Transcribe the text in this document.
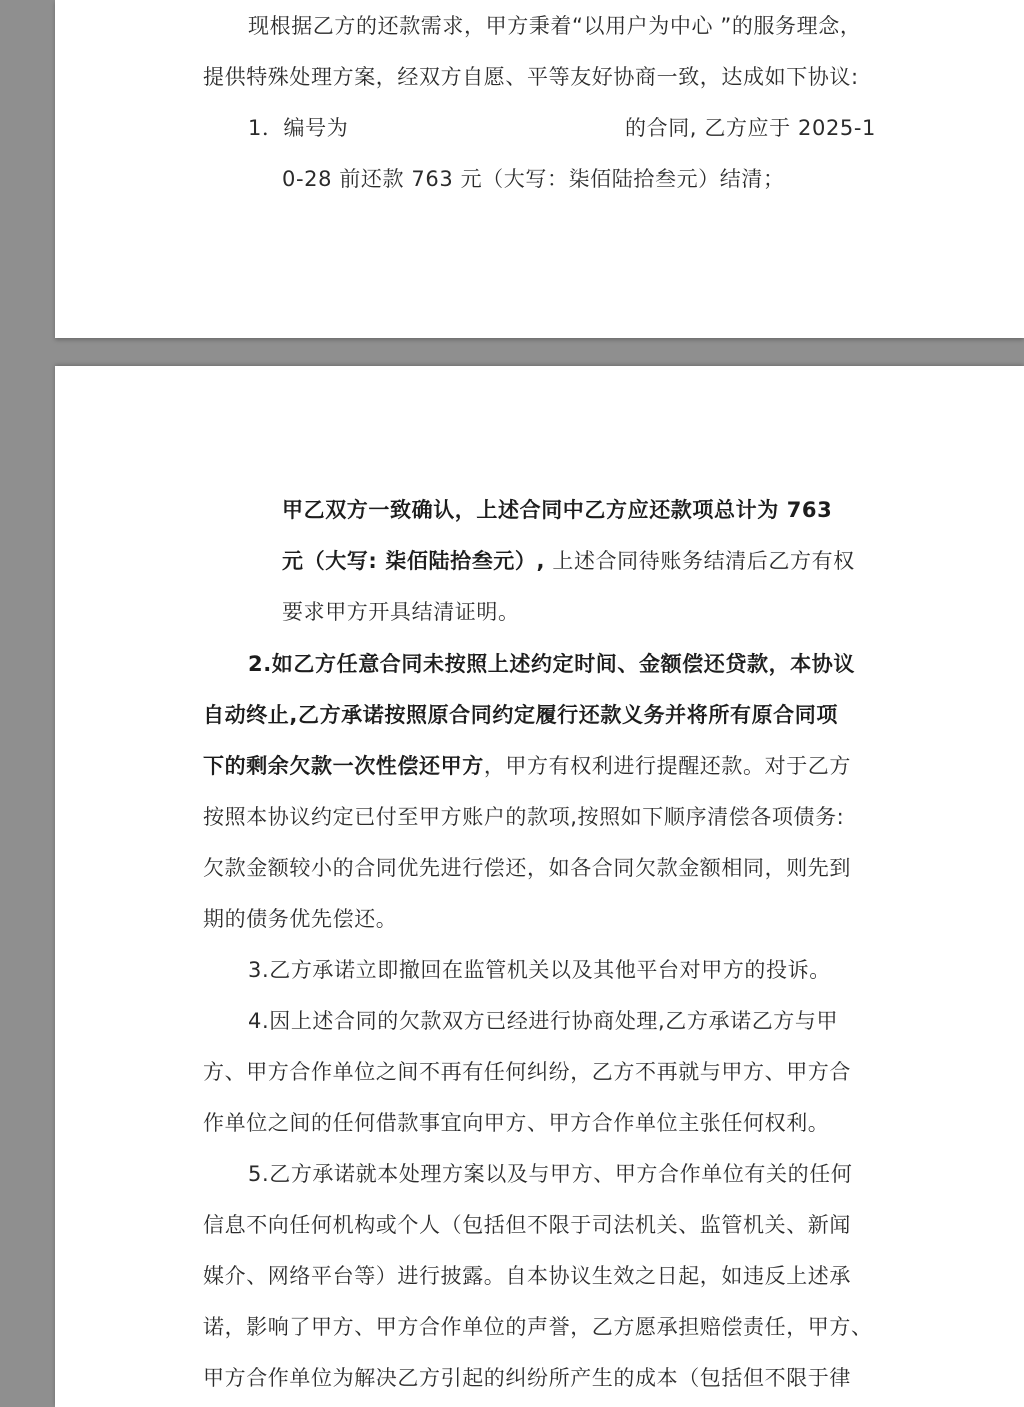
现根据乙方的还款需求，甲方秉着“以用户为中心 ”的服务理念，
提供特殊处理方案，经双方自愿、平等友好协商一致，达成如下协议:
1．编号为	的合同, 乙方应于 2025-1
0-28 前还款 763 元（大写：柒佰陆拾叁元）结清；
甲乙双方一致确认，上述合同中乙方应还款项总计为 763
元（大写: 柒佰陆拾叁元）, 上述合同待账务结清后乙方有权
要求甲方开具结清证明。
2.如乙方任意合同未按照上述约定时间、金额偿还贷款，本协议
自动终止,乙方承诺按照原合同约定履行还款义务并将所有原合同项
下的剩余欠款一次性偿还甲方，甲方有权利进行提醒还款。对于乙方
按照本协议约定已付至甲方账户的款项,按照如下顺序清偿各项债务:
欠款金额较小的合同优先进行偿还，如各合同欠款金额相同，则先到
期的债务优先偿还。
3.乙方承诺立即撤回在监管机关以及其他平台对甲方的投诉。
4.因上述合同的欠款双方已经进行协商处理,乙方承诺乙方与甲
方、甲方合作单位之间不再有任何纠纷，乙方不再就与甲方、甲方合
作单位之间的任何借款事宜向甲方、甲方合作单位主张任何权利。
5.乙方承诺就本处理方案以及与甲方、甲方合作单位有关的任何
信息不向任何机构或个人（包括但不限于司法机关、监管机关、新闻
媒介、网络平台等）进行披露。自本协议生效之日起，如违反上述承
诺，影响了甲方、甲方合作单位的声誉，乙方愿承担赔偿责任，甲方、
甲方合作单位为解决乙方引起的纠纷所产生的成本（包括但不限于律
